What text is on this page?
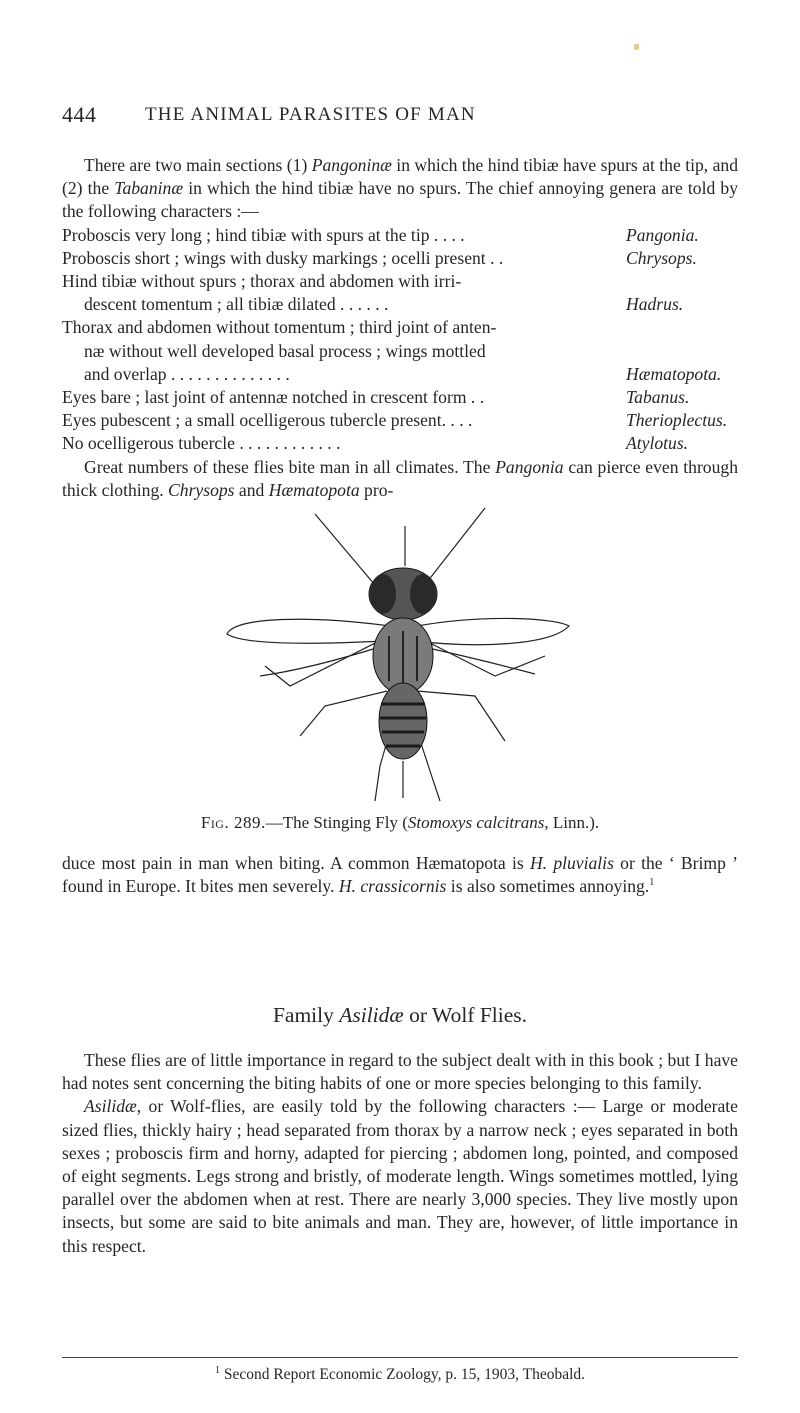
444	THE ANIMAL PARASITES OF MAN

There are two main sections (1) Pangoninæ in which the hind tibiæ have spurs at the tip, and (2) the Tabaninæ in which the hind tibiæ have no spurs. The chief annoying genera are told by the following characters :—

Proboscis very long ; hind tibiæ with spurs at the tip . . . .	Pangonia.
Proboscis short ; wings with dusky markings ; ocelli present . .	Chrysops.
Hind tibiæ without spurs ; thorax and abdomen with irri-
descent tomentum ; all tibiæ dilated . . . . . .	Hadrus.
Thorax and abdomen without tomentum ; third joint of anten-
næ without well developed basal process ; wings mottled
and overlap . . . . . . . . . . . . . .	Hæmatopota.
Eyes bare ; last joint of antennæ notched in crescent form . .	Tabanus.
Eyes pubescent ; a small ocelligerous tubercle present. . . .	Therioplectus.
No ocelligerous tubercle . . . . . . . . . . . .	Atylotus.

Great numbers of these flies bite man in all climates. The Pangonia can pierce even through thick clothing. Chrysops and Hæmatopota pro-

Fig. 289.—The Stinging Fly (Stomoxys calcitrans, Linn.).

duce most pain in man when biting. A common Hæmatopota is H. pluvialis or the ‘ Brimp ’ found in Europe. It bites men severely. H. crassicornis is also sometimes annoying.$^1$

Family Asilidæ or Wolf Flies.

These flies are of little importance in regard to the subject dealt with in this book ; but I have had notes sent concerning the biting habits of one or more species belonging to this family.

Asilidæ, or Wolf-flies, are easily told by the following characters :— Large or moderate sized flies, thickly hairy ; head separated from thorax by a narrow neck ; eyes separated in both sexes ; proboscis firm and horny, adapted for piercing ; abdomen long, pointed, and composed of eight segments. Legs strong and bristly, of moderate length. Wings sometimes mottled, lying parallel over the abdomen when at rest. There are nearly 3,000 species. They live mostly upon insects, but some are said to bite animals and man. They are, however, of little importance in this respect.

$^1$ Second Report Economic Zoology, p. 15, 1903, Theobald.
